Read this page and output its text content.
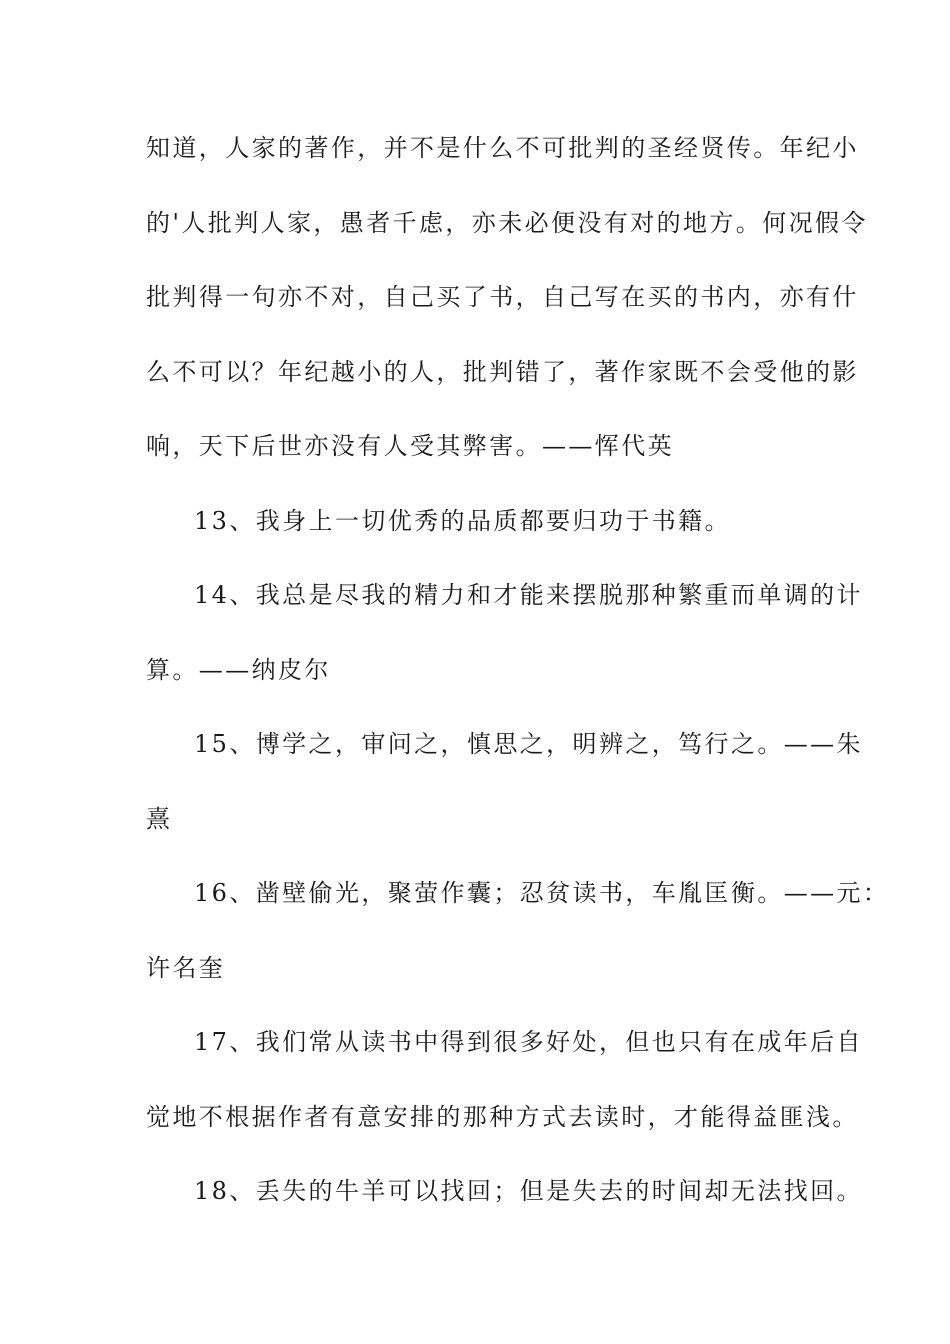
知道，人家的著作，并不是什么不可批判的圣经贤传。年纪小
的'人批判人家，愚者千虑，亦未必便没有对的地方。何况假令
批判得一句亦不对，自己买了书，自己写在买的书内，亦有什
么不可以？年纪越小的人，批判错了，著作家既不会受他的影
响，天下后世亦没有人受其弊害。——恽代英
13、我身上一切优秀的品质都要归功于书籍。
14、我总是尽我的精力和才能来摆脱那种繁重而单调的计
算。——纳皮尔
15、博学之，审问之，慎思之，明辨之，笃行之。——朱
熹
16、凿壁偷光，聚萤作囊；忍贫读书，车胤匡衡。——元：
许名奎
17、我们常从读书中得到很多好处，但也只有在成年后自
觉地不根据作者有意安排的那种方式去读时，才能得益匪浅。
18、丢失的牛羊可以找回；但是失去的时间却无法找回。
